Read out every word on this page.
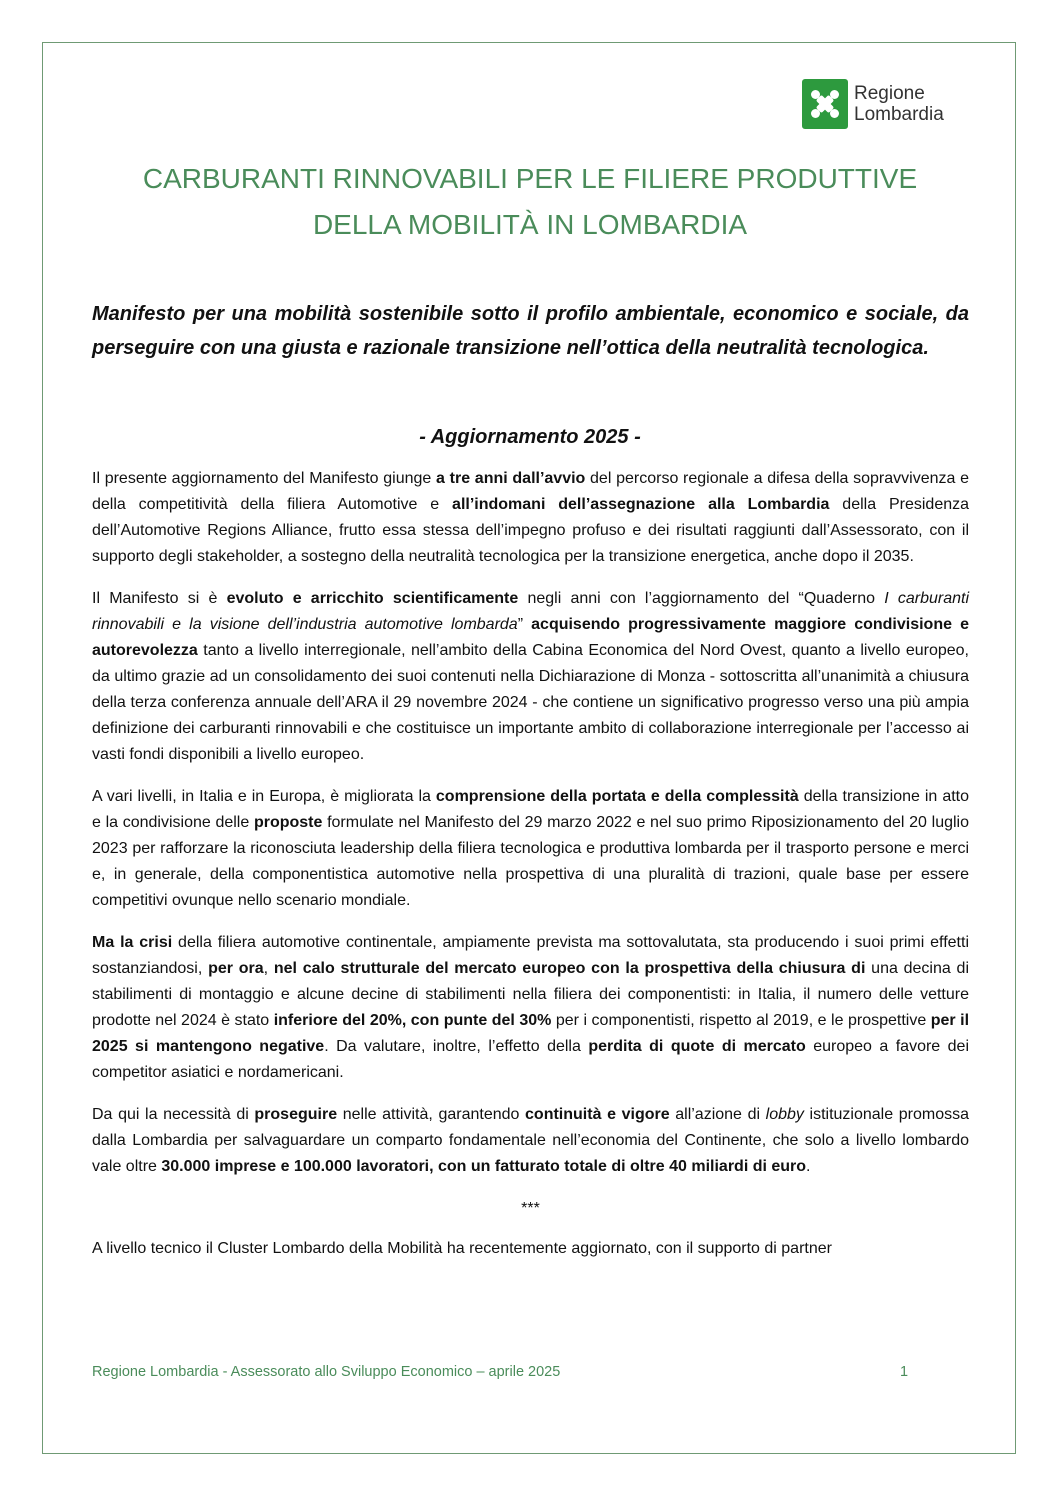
Regione
Lombardia
CARBURANTI RINNOVABILI PER LE FILIERE PRODUTTIVE
DELLA MOBILITÀ IN LOMBARDIA

Manifesto per una mobilità sostenibile sotto il profilo ambientale, economico e sociale, da perseguire con una giusta e razionale transizione nell’ottica della neutralità tecnologica.

- Aggiornamento 2025 -

Il presente aggiornamento del Manifesto giunge a tre anni dall’avvio del percorso regionale a difesa della sopravvivenza e della competitività della filiera Automotive e all’indomani dell’assegnazione alla Lombardia della Presidenza dell’Automotive Regions Alliance, frutto essa stessa dell’impegno profuso e dei risultati raggiunti dall’Assessorato, con il supporto degli stakeholder, a sostegno della neutralità tecnologica per la transizione energetica, anche dopo il 2035.

Il Manifesto si è evoluto e arricchito scientificamente negli anni con l’aggiornamento del “Quaderno I carburanti rinnovabili e la visione dell’industria automotive lombarda” acquisendo progressivamente maggiore condivisione e autorevolezza tanto a livello interregionale, nell’ambito della Cabina Economica del Nord Ovest, quanto a livello europeo, da ultimo grazie ad un consolidamento dei suoi contenuti nella Dichiarazione di Monza - sottoscritta all’unanimità a chiusura della terza conferenza annuale dell’ARA il 29 novembre 2024 - che contiene un significativo progresso verso una più ampia definizione dei carburanti rinnovabili e che costituisce un importante ambito di collaborazione interregionale per l’accesso ai vasti fondi disponibili a livello europeo.

A vari livelli, in Italia e in Europa, è migliorata la comprensione della portata e della complessità della transizione in atto e la condivisione delle proposte formulate nel Manifesto del 29 marzo 2022 e nel suo primo Riposizionamento del 20 luglio 2023 per rafforzare la riconosciuta leadership della filiera tecnologica e produttiva lombarda per il trasporto persone e merci e, in generale, della componentistica automotive nella prospettiva di una pluralità di trazioni, quale base per essere competitivi ovunque nello scenario mondiale.

Ma la crisi della filiera automotive continentale, ampiamente prevista ma sottovalutata, sta producendo i suoi primi effetti sostanziandosi, per ora, nel calo strutturale del mercato europeo con la prospettiva della chiusura di una decina di stabilimenti di montaggio e alcune decine di stabilimenti nella filiera dei componentisti: in Italia, il numero delle vetture prodotte nel 2024 è stato inferiore del 20%, con punte del 30% per i componentisti, rispetto al 2019, e le prospettive per il 2025 si mantengono negative. Da valutare, inoltre, l’effetto della perdita di quote di mercato europeo a favore dei competitor asiatici e nordamericani.

Da qui la necessità di proseguire nelle attività, garantendo continuità e vigore all’azione di lobby istituzionale promossa dalla Lombardia per salvaguardare un comparto fondamentale nell’economia del Continente, che solo a livello lombardo vale oltre 30.000 imprese e 100.000 lavoratori, con un fatturato totale di oltre 40 miliardi di euro.

***

A livello tecnico il Cluster Lombardo della Mobilità ha recentemente aggiornato, con il supporto di partner

Regione Lombardia - Assessorato allo Sviluppo Economico – aprile 2025	1
